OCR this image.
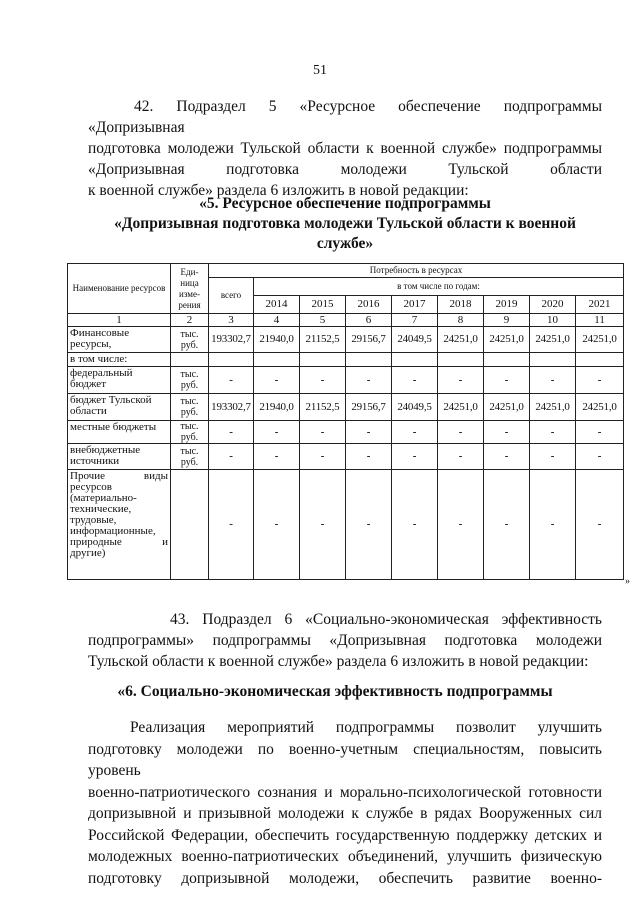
51
42. Подраздел 5 «Ресурсное обеспечение подпрограммы «Допризывная
подготовка молодежи Тульской области к военной службе» подпрограммы
«Допризывная подготовка молодежи Тульской области
к военной службе» раздела 6 изложить в новой редакции:
«5. Ресурсное обеспечение подпрограммы
«Допризывная подготовка молодежи Тульской области к военной
службе»
Наименование ресурсов	Еди-ница изме-рения	Потребность в ресурсах								
		всего	в том числе по годам:							
			2014	2015	2016	2017	2018	2019	2020	2021
1	2	3	4	5	6	7	8	9	10	11
Финансовые ресурсы,	тыс. руб.	193302,7	21940,0	21152,5	29156,7	24049,5	24251,0	24251,0	24251,0	24251,0
в том числе:										
федеральный бюджет	тыс. руб.	-	-	-	-	-	-	-	-	-
бюджет Тульской области	тыс. руб.	193302,7	21940,0	21152,5	29156,7	24049,5	24251,0	24251,0	24251,0	24251,0
местные бюджеты	тыс. руб.	-	-	-	-	-	-	-	-	-
внебюджетные источники	тыс. руб.	-	-	-	-	-	-	-	-	-
Прочие виды ресурсов (материально-технические, трудовые, информационные, природные и другие)		-	-	-	-	-	-	-	-	-
»
43. Подраздел 6 «Социально-экономическая эффективность
подпрограммы» подпрограммы «Допризывная подготовка молодежи
Тульской области к военной службе» раздела 6 изложить в новой редакции:
«6. Социально-экономическая эффективность подпрограммы
Реализация мероприятий подпрограммы позволит улучшить
подготовку молодежи по военно-учетным специальностям, повысить уровень
военно-патриотического сознания и морально-психологической готовности
допризывной и призывной молодежи к службе в рядах Вооруженных сил
Российской Федерации, обеспечить государственную поддержку детских и
молодежных военно-патриотических объединений, улучшить физическую
подготовку допризывной молодежи, обеспечить развитие военно-
